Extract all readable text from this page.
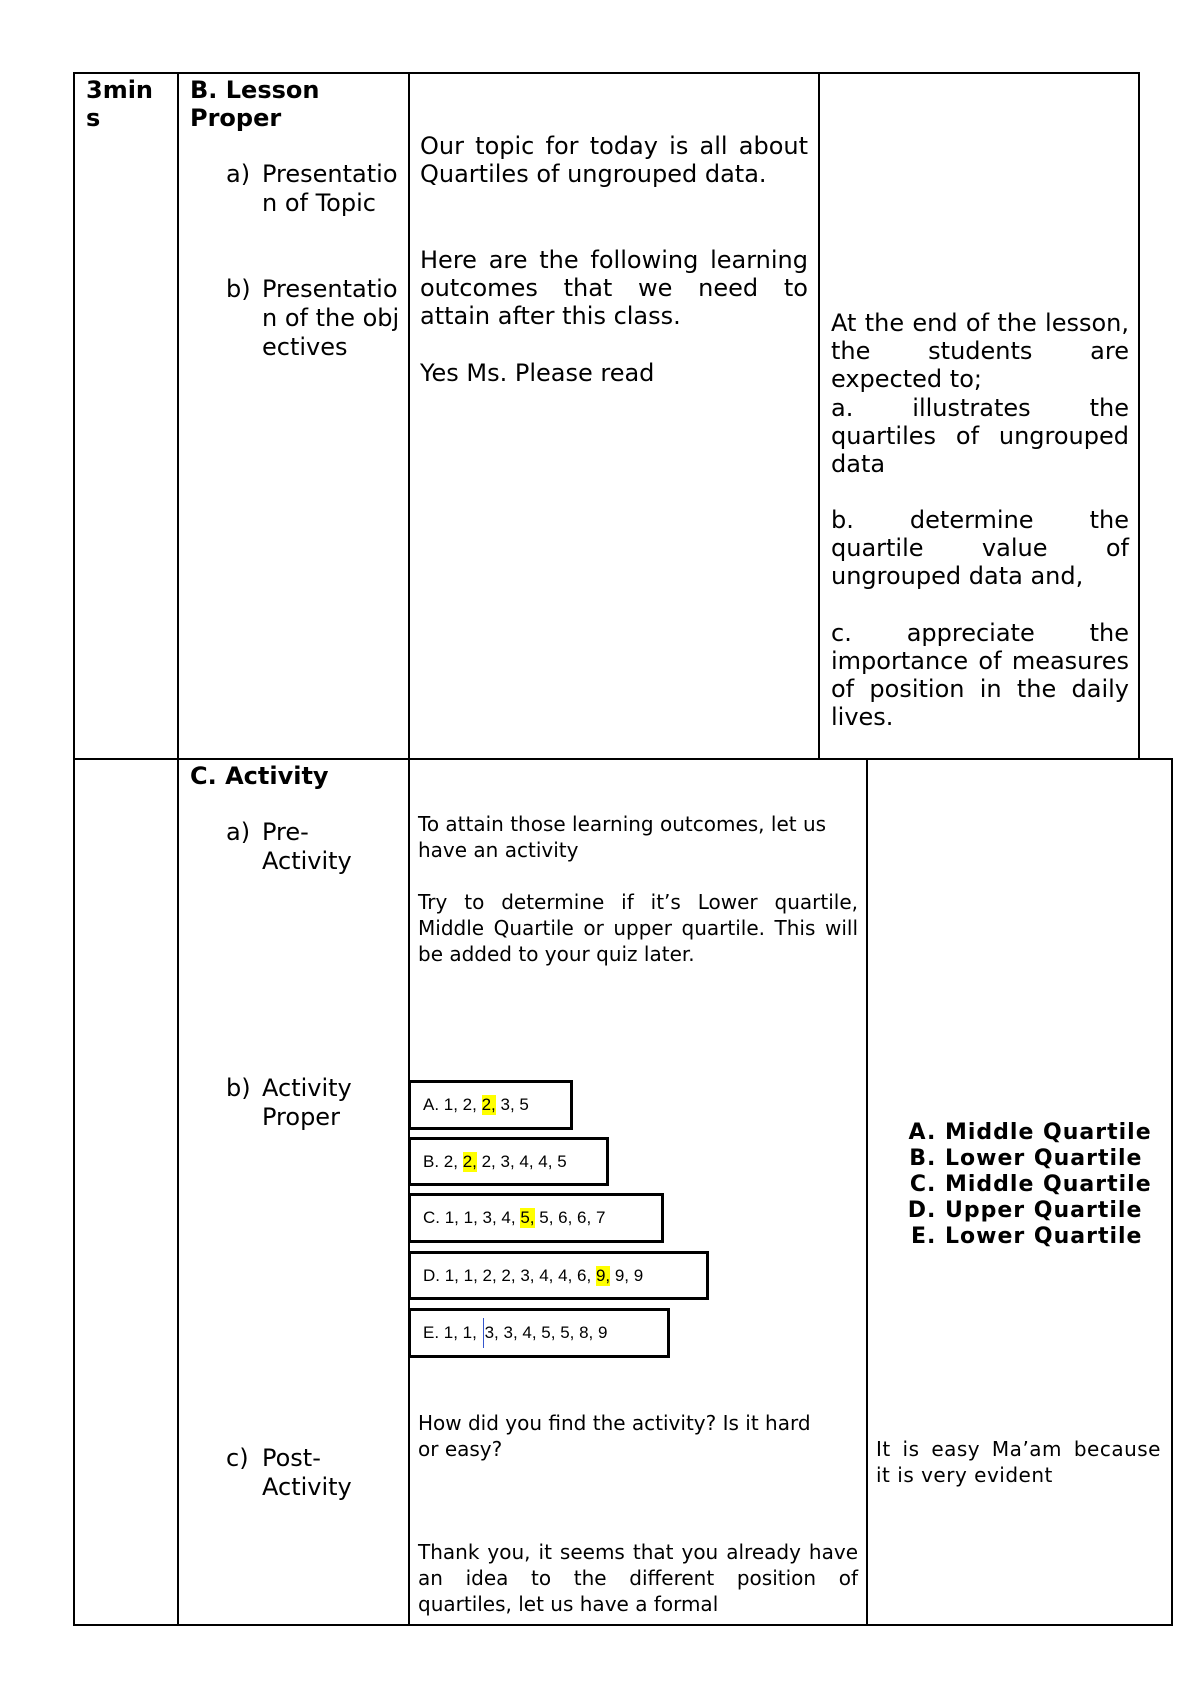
3mins
B. Lesson Proper
a) Presentation of Topic
b) Presentation of the objectives

Our topic for today is all about Quartiles of ungrouped data.

Here are the following learning outcomes that we need to attain after this class.

Yes Ms. Please read

At the end of the lesson, the students are expected to;

a. illustrates the quartiles of ungrouped data

b. determine the quartile value of ungrouped data and,

c. appreciate the importance of measures of position in the daily lives.

C. Activity
a) Pre-Activity
b) Activity Proper
c) Post-Activity

To attain those learning outcomes, let us have an activity

Try to determine if it’s Lower quartile, Middle Quartile or upper quartile. This will be added to your quiz later.

A. 1, 2, 2, 3, 5
B. 2, 2, 2, 3, 4, 4, 5
C. 1, 1, 3, 4, 5, 5, 6, 6, 7
D. 1, 1, 2, 2, 3, 4, 4, 6, 9, 9, 9
E. 1, 1, 3, 3, 4, 5, 5, 8, 9
A. Middle Quartile
B. Lower Quartile
C. Middle Quartile
D. Upper Quartile
E. Lower Quartile

How did you find the activity? Is it hard or easy?	It is easy Ma’am because it is very evident

Thank you, it seems that you already have an idea to the different position of quartiles, let us have a formal
